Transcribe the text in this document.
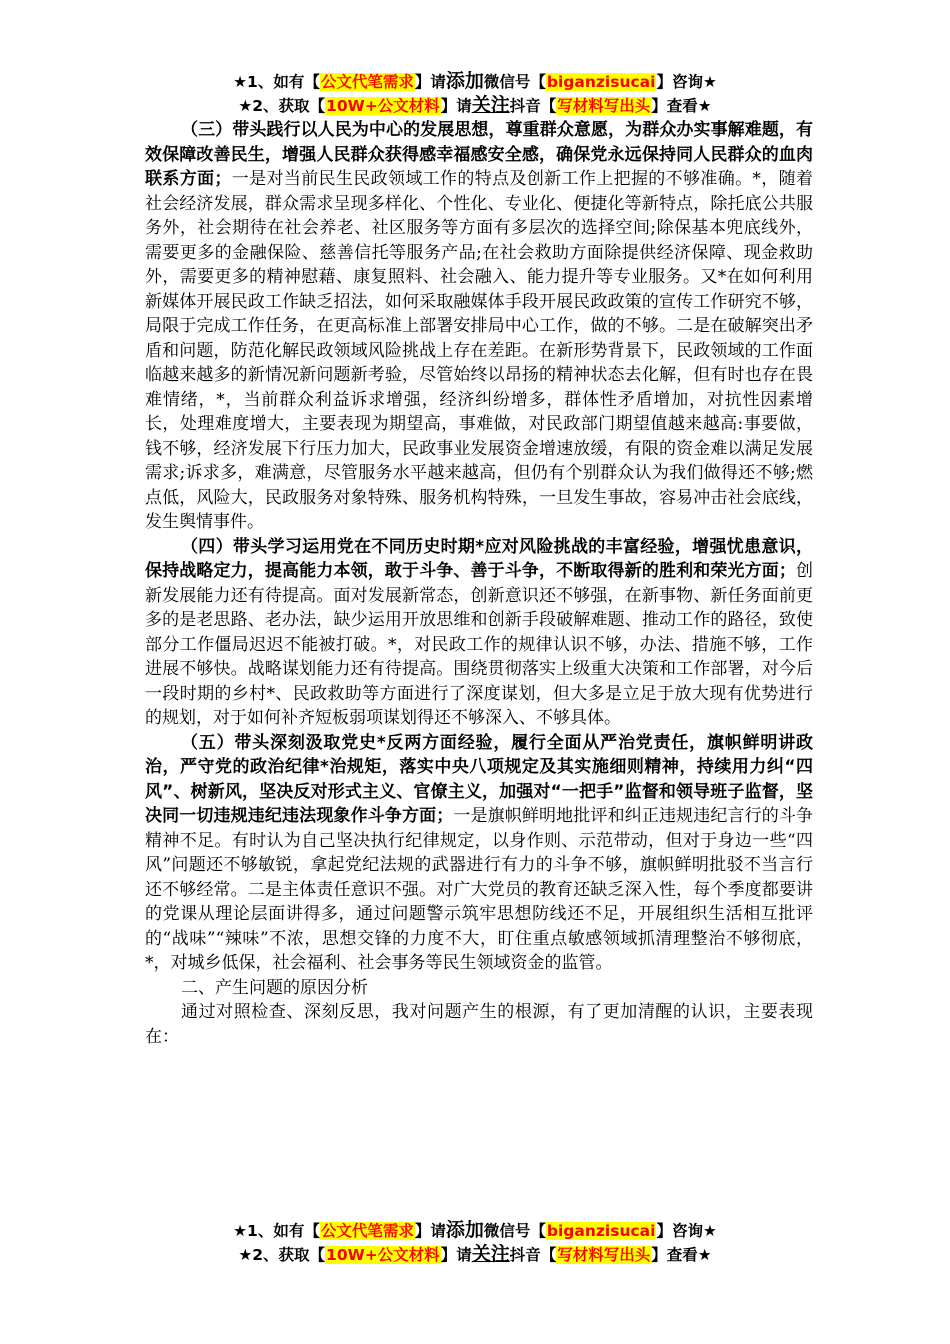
★1、如有【公文代笔需求】请添加微信号【biganzisucai】咨询★
★2、获取【10W+公文材料】请关注抖音【写材料写出头】查看★

（三）带头践行以人民为中心的发展思想，尊重群众意愿，为群众办实事解难题，有效保障改善民生，增强人民群众获得感幸福感安全感，确保党永远保持同人民群众的血肉联系方面；一是对当前民生民政领域工作的特点及创新工作上把握的不够准确。*，随着社会经济发展，群众需求呈现多样化、个性化、专业化、便捷化等新特点，除托底公共服务外，社会期待在社会养老、社区服务等方面有多层次的选择空间;除保基本兜底线外，需要更多的金融保险、慈善信托等服务产品;在社会救助方面除提供经济保障、现金救助外，需要更多的精神慰藉、康复照料、社会融入、能力提升等专业服务。又*在如何利用新媒体开展民政工作缺乏招法，如何采取融媒体手段开展民政政策的宣传工作研究不够，局限于完成工作任务，在更高标准上部署安排局中心工作，做的不够。二是在破解突出矛盾和问题，防范化解民政领域风险挑战上存在差距。在新形势背景下，民政领域的工作面临越来越多的新情况新问题新考验，尽管始终以昂扬的精神状态去化解，但有时也存在畏难情绪，*，当前群众利益诉求增强，经济纠纷增多，群体性矛盾增加，对抗性因素增长，处理难度增大，主要表现为期望高，事难做，对民政部门期望值越来越高:事要做，钱不够，经济发展下行压力加大，民政事业发展资金增速放缓，有限的资金难以满足发展需求;诉求多，难满意，尽管服务水平越来越高，但仍有个别群众认为我们做得还不够;燃点低，风险大，民政服务对象特殊、服务机构特殊，一旦发生事故，容易冲击社会底线，发生舆情事件。

（四）带头学习运用党在不同历史时期*应对风险挑战的丰富经验，增强忧患意识，保持战略定力，提高能力本领，敢于斗争、善于斗争，不断取得新的胜利和荣光方面；创新发展能力还有待提高。面对发展新常态，创新意识还不够强，在新事物、新任务面前更多的是老思路、老办法，缺少运用开放思维和创新手段破解难题、推动工作的路径，致使部分工作僵局迟迟不能被打破。*，对民政工作的规律认识不够，办法、措施不够，工作进展不够快。战略谋划能力还有待提高。围绕贯彻落实上级重大决策和工作部署，对今后一段时期的乡村*、民政救助等方面进行了深度谋划，但大多是立足于放大现有优势进行的规划，对于如何补齐短板弱项谋划得还不够深入、不够具体。

（五）带头深刻汲取党史*反两方面经验，履行全面从严治党责任，旗帜鲜明讲政治，严守党的政治纪律*治规矩，落实中央八项规定及其实施细则精神，持续用力纠“四风”、树新风，坚决反对形式主义、官僚主义，加强对“一把手”监督和领导班子监督，坚决同一切违规违纪违法现象作斗争方面；一是旗帜鲜明地批评和纠正违规违纪言行的斗争精神不足。有时认为自己坚决执行纪律规定，以身作则、示范带动，但对于身边一些“四风”问题还不够敏锐，拿起党纪法规的武器进行有力的斗争不够，旗帜鲜明批驳不当言行还不够经常。二是主体责任意识不强。对广大党员的教育还缺乏深入性，每个季度都要讲的党课从理论层面讲得多，通过问题警示筑牢思想防线还不足，开展组织生活相互批评的“战味”“辣味”不浓，思想交锋的力度不大，盯住重点敏感领域抓清理整治不够彻底，*，对城乡低保，社会福利、社会事务等民生领域资金的监管。

二、产生问题的原因分析

通过对照检查、深刻反思，我对问题产生的根源，有了更加清醒的认识，主要表现在：

★1、如有【公文代笔需求】请添加微信号【biganzisucai】咨询★
★2、获取【10W+公文材料】请关注抖音【写材料写出头】查看★
